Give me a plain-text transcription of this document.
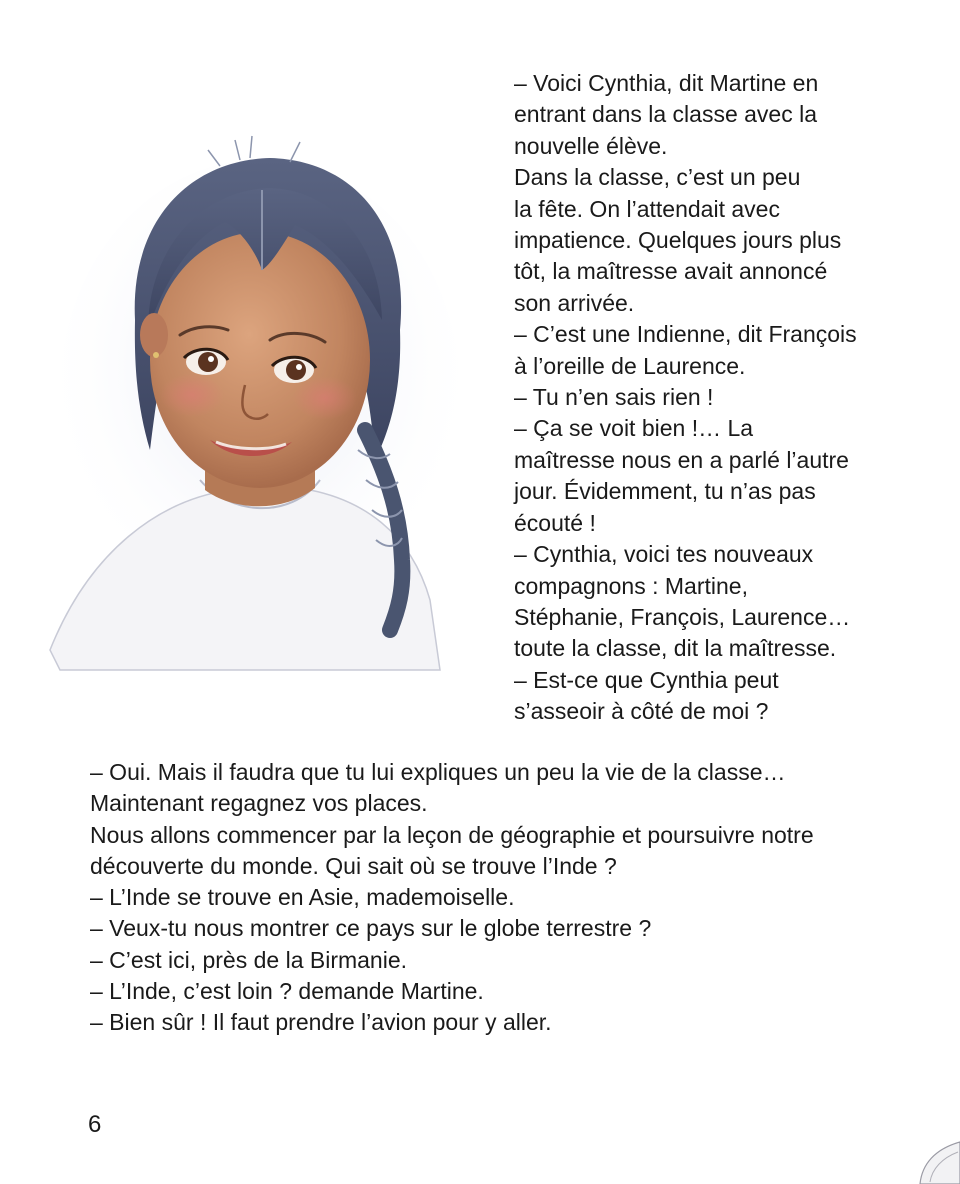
– Voici Cynthia, dit Martine en
entrant dans la classe avec la
nouvelle élève.
Dans la classe, c’est un peu
la fête. On l’attendait avec
impatience. Quelques jours plus
tôt, la maîtresse avait annoncé
son arrivée.
– C’est une Indienne, dit François
à l’oreille de Laurence.
– Tu n’en sais rien !
– Ça se voit bien !… La
maîtresse nous en a parlé l’autre
jour. Évidemment, tu n’as pas
écouté !
– Cynthia, voici tes nouveaux
compagnons : Martine,
Stéphanie, François, Laurence…
toute la classe, dit la maîtresse.
– Est-ce que Cynthia peut
s’asseoir à côté de moi ?
– Oui. Mais il faudra que tu lui expliques un peu la vie de la classe…
Maintenant regagnez vos places.
Nous allons commencer par la leçon de géographie et poursuivre notre
découverte du monde. Qui sait où se trouve l’Inde ?
– L’Inde se trouve en Asie, mademoiselle.
– Veux-tu nous montrer ce pays sur le globe terrestre ?
– C’est ici, près de la Birmanie.
– L’Inde, c’est loin ? demande Martine.
– Bien sûr ! Il faut prendre l’avion pour y aller.
6
